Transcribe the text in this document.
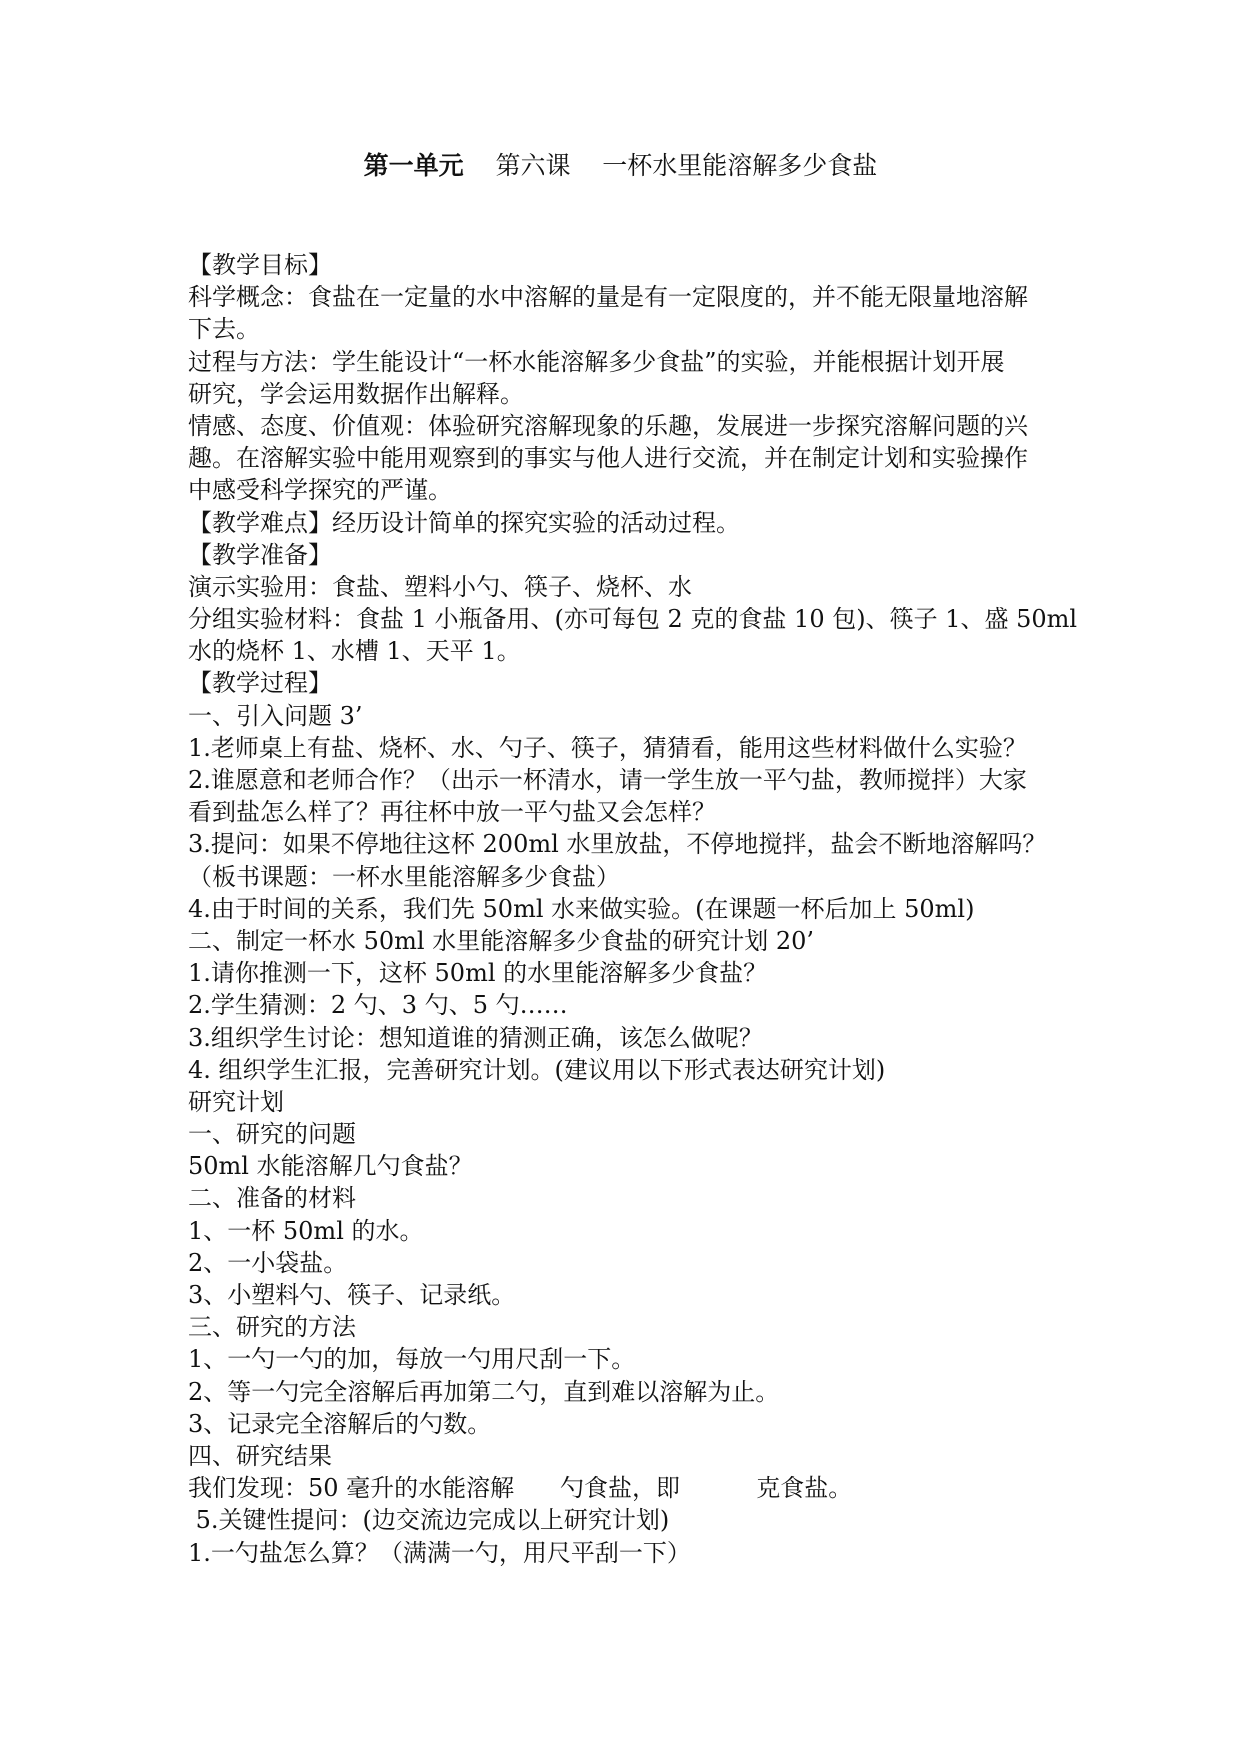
第一单元 第六课 一杯水里能溶解多少食盐
【教学目标】
科学概念：食盐在一定量的水中溶解的量是有一定限度的，并不能无限量地溶解
下去。
过程与方法：学生能设计“一杯水能溶解多少食盐”的实验，并能根据计划开展
研究，学会运用数据作出解释。
情感、态度、价值观：体验研究溶解现象的乐趣，发展进一步探究溶解问题的兴
趣。在溶解实验中能用观察到的事实与他人进行交流，并在制定计划和实验操作
中感受科学探究的严谨。
【教学难点】经历设计简单的探究实验的活动过程。
【教学准备】
演示实验用：食盐、塑料小勺、筷子、烧杯、水
分组实验材料：食盐 1 小瓶备用、(亦可每包 2 克的食盐 10 包)、筷子 1、盛 50ml
水的烧杯 1、水槽 1、天平 1。
【教学过程】
一、引入问题 3’
1.老师桌上有盐、烧杯、水、勺子、筷子，猜猜看，能用这些材料做什么实验？
2.谁愿意和老师合作？（出示一杯清水，请一学生放一平勺盐，教师搅拌）大家
看到盐怎么样了？再往杯中放一平勺盐又会怎样？
3.提问：如果不停地往这杯 200ml 水里放盐，不停地搅拌，盐会不断地溶解吗？
（板书课题：一杯水里能溶解多少食盐）
4.由于时间的关系，我们先 50ml 水来做实验。(在课题一杯后加上 50ml)
二、制定一杯水 50ml 水里能溶解多少食盐的研究计划 20’
1.请你推测一下，这杯 50ml 的水里能溶解多少食盐？
2.学生猜测：2 勺、3 勺、5 勺……
3.组织学生讨论：想知道谁的猜测正确，该怎么做呢？
4. 组织学生汇报，完善研究计划。(建议用以下形式表达研究计划)
研究计划
一、研究的问题
50ml 水能溶解几勺食盐？
二、准备的材料
1、一杯 50ml 的水。
2、一小袋盐。
3、小塑料勺、筷子、记录纸。
三、研究的方法
1、一勺一勺的加，每放一勺用尺刮一下。
2、等一勺完全溶解后再加第二勺，直到难以溶解为止。
3、记录完全溶解后的勺数。
四、研究结果
我们发现：50 毫升的水能溶解      勺食盐，即          克食盐。
5.关键性提问：(边交流边完成以上研究计划)
1.一勺盐怎么算？（满满一勺，用尺平刮一下）
